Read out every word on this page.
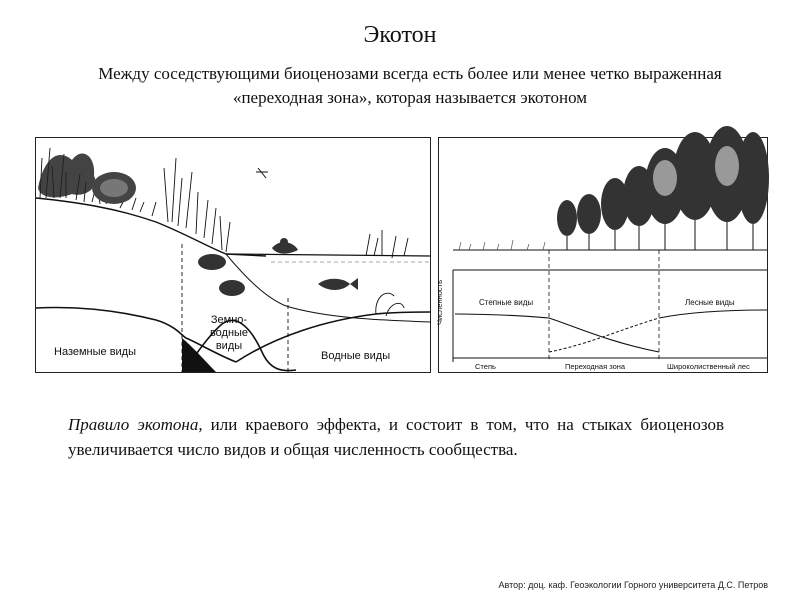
Экотон
Между соседствующими биоценозами всегда есть более или менее четко выраженная «переходная зона», которая называется экотоном
Наземные виды
Земно-
водные
виды
Водные виды
Численность	Степные виды	Лесные виды
Степь	Переходная зона	Широколиственный лес
Правило экотона, или краевого эффекта, и состоит в том, что на стыках биоценозов увеличивается число видов и общая численность сообщества.
Автор: доц. каф. Геоэкологии Горного университета Д.С. Петров
